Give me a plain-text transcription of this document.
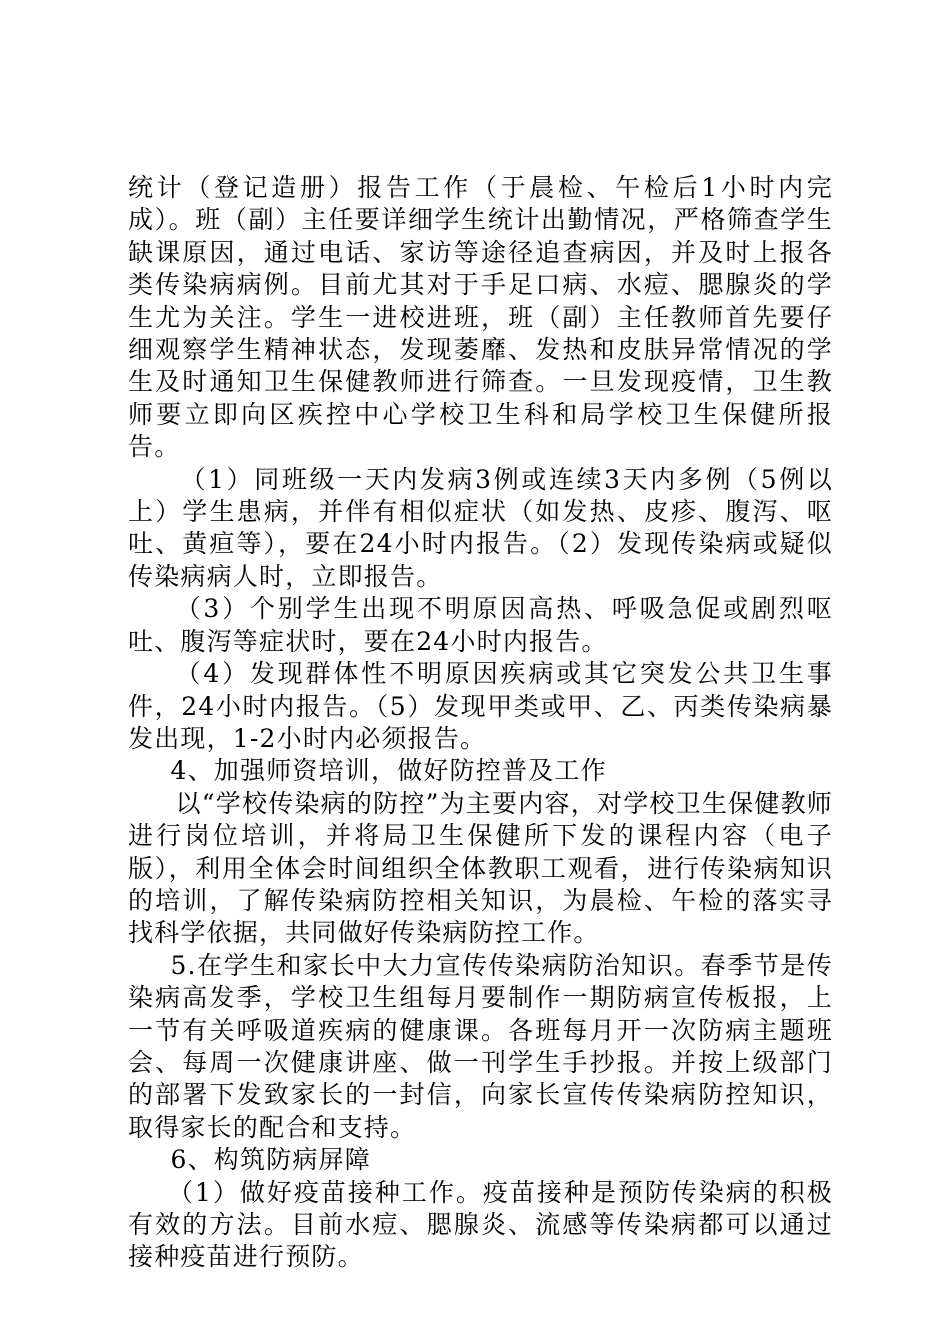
统计（登记造册）报告工作（于晨检、午检后1小时内完成）。班（副）主任要详细学生统计出勤情况，严格筛查学生缺课原因，通过电话、家访等途径追查病因，并及时上报各类传染病病例。目前尤其对于手足口病、水痘、腮腺炎的学生尤为关注。学生一进校进班，班（副）主任教师首先要仔细观察学生精神状态，发现萎靡、发热和皮肤异常情况的学生及时通知卫生保健教师进行筛查。一旦发现疫情，卫生教师要立即向区疾控中心学校卫生科和局学校卫生保健所报告。

（1）同班级一天内发病3例或连续3天内多例（5例以上）学生患病，并伴有相似症状（如发热、皮疹、腹泻、呕吐、黄疸等），要在24小时内报告。（2）发现传染病或疑似传染病病人时，立即报告。

（3）个别学生出现不明原因高热、呼吸急促或剧烈呕吐、腹泻等症状时，要在24小时内报告。

（4）发现群体性不明原因疾病或其它突发公共卫生事件，24小时内报告。（5）发现甲类或甲、乙、丙类传染病暴发出现，1-2小时内必须报告。

4、加强师资培训，做好防控普及工作

以“学校传染病的防控”为主要内容，对学校卫生保健教师进行岗位培训，并将局卫生保健所下发的课程内容（电子版），利用全体会时间组织全体教职工观看，进行传染病知识的培训，了解传染病防控相关知识，为晨检、午检的落实寻找科学依据，共同做好传染病防控工作。

5.在学生和家长中大力宣传传染病防治知识。春季节是传染病高发季，学校卫生组每月要制作一期防病宣传板报，上一节有关呼吸道疾病的健康课。各班每月开一次防病主题班会、每周一次健康讲座、做一刊学生手抄报。并按上级部门的部署下发致家长的一封信，向家长宣传传染病防控知识，取得家长的配合和支持。

6、构筑防病屏障

（1）做好疫苗接种工作。疫苗接种是预防传染病的积极有效的方法。目前水痘、腮腺炎、流感等传染病都可以通过接种疫苗进行预防。
